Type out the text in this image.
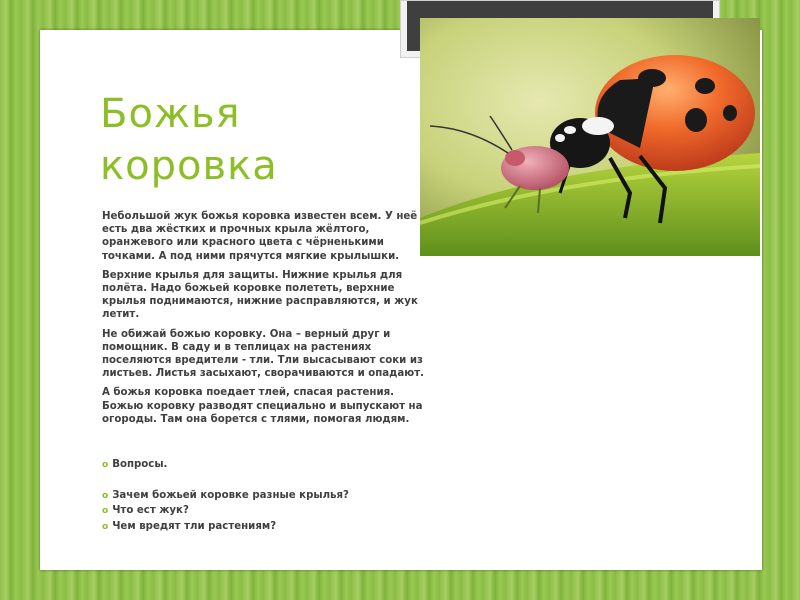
Божья
коровка

Небольшой жук божья коровка известен всем. У неё есть два жёстких и прочных крыла жёлтого, оранжевого или красного цвета с чёрненькими точками. А под ними прячутся мягкие крылышки.

Верхние крылья для защиты. Нижние крылья для полёта. Надо божьей коровке полететь, верхние крылья поднимаются, нижние расправляются, и жук летит.

Не обижай божью коровку. Она – верный друг и помощник. В саду и в теплицах на растениях поселяются вредители - тли. Тли высасывают соки из листьев. Листья засыхают, сворачиваются и опадают.

А божья коровка поедает тлей, спасая растения. Божью коровку разводят специально и выпускают на огороды. Там она борется с тлями, помогая людям.

o Вопросы.
o Зачем божьей коровке разные крылья?
o Что ест жук?
o Чем вредят тли растениям?
